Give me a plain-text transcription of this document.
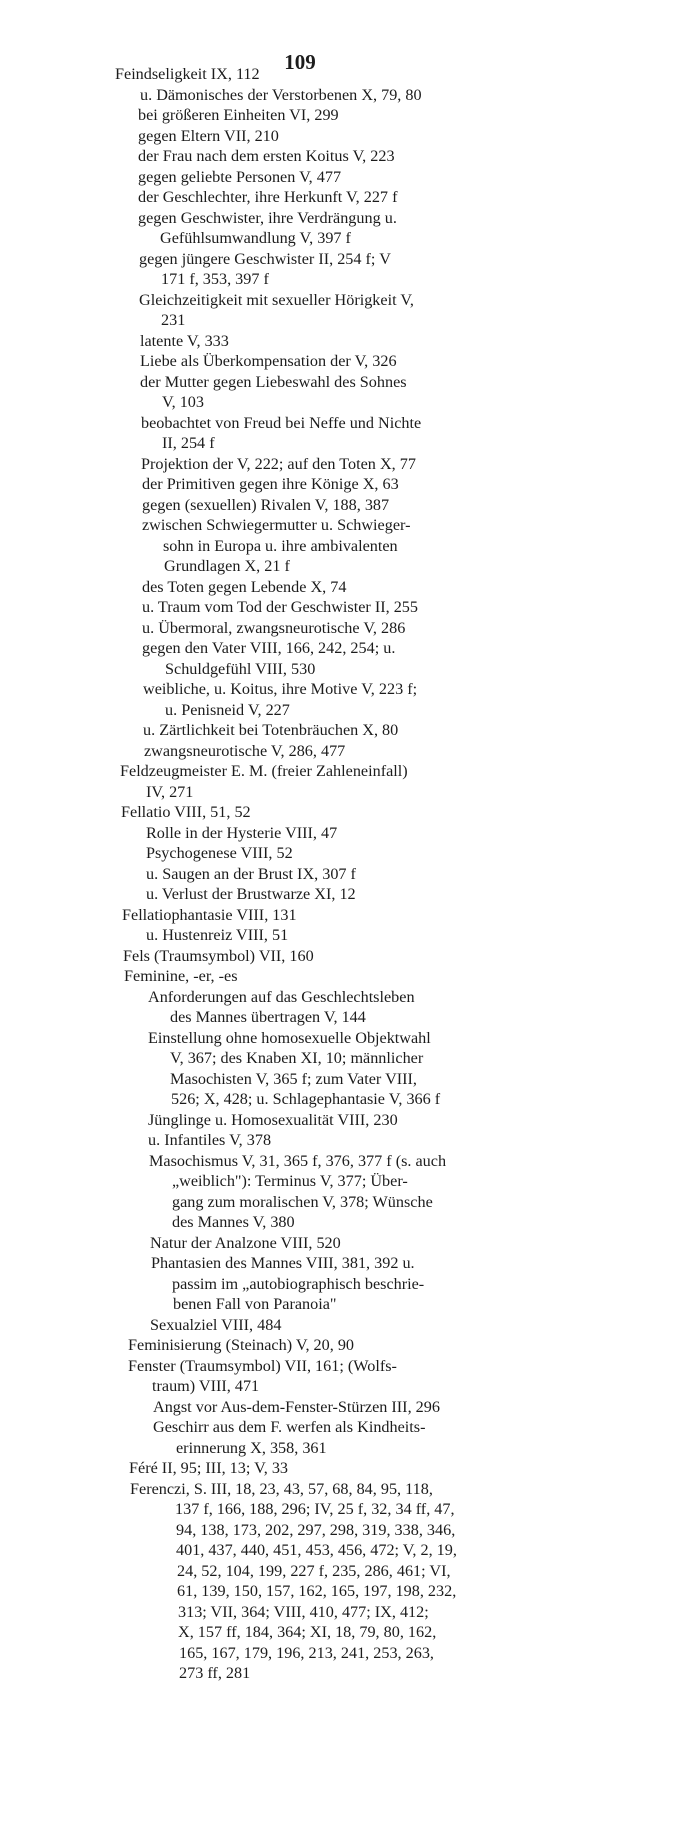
109
Feindseligkeit IX, 112
u. Dämonisches der Verstorbenen X, 79, 80
bei größeren Einheiten VI, 299
gegen Eltern VII, 210
der Frau nach dem ersten Koitus V, 223
gegen geliebte Personen V, 477
der Geschlechter, ihre Herkunft V, 227 f
gegen Geschwister, ihre Verdrängung u.
Gefühlsumwandlung V, 397 f
gegen jüngere Geschwister II, 254 f; V
171 f, 353, 397 f
Gleichzeitigkeit mit sexueller Hörigkeit V,
231
latente V, 333
Liebe als Überkompensation der V, 326
der Mutter gegen Liebeswahl des Sohnes
V, 103
beobachtet von Freud bei Neffe und Nichte
II, 254 f
Projektion der V, 222; auf den Toten X, 77
der Primitiven gegen ihre Könige X, 63
gegen (sexuellen) Rivalen V, 188, 387
zwischen Schwiegermutter u. Schwieger-
sohn in Europa u. ihre ambivalenten
Grundlagen X, 21 f
des Toten gegen Lebende X, 74
u. Traum vom Tod der Geschwister II, 255
u. Übermoral, zwangsneurotische V, 286
gegen den Vater VIII, 166, 242, 254; u.
Schuldgefühl VIII, 530
weibliche, u. Koitus, ihre Motive V, 223 f;
u. Penisneid V, 227
u. Zärtlichkeit bei Totenbräuchen X, 80
zwangsneurotische V, 286, 477
Feldzeugmeister E. M. (freier Zahleneinfall)
IV, 271
Fellatio VIII, 51, 52
Rolle in der Hysterie VIII, 47
Psychogenese VIII, 52
u. Saugen an der Brust IX, 307 f
u. Verlust der Brustwarze XI, 12
Fellatiophantasie VIII, 131
u. Hustenreiz VIII, 51
Fels (Traumsymbol) VII, 160
Feminine, -er, -es
Anforderungen auf das Geschlechtsleben
des Mannes übertragen V, 144
Einstellung ohne homosexuelle Objektwahl
V, 367; des Knaben XI, 10; männlicher
Masochisten V, 365 f; zum Vater VIII,
526; X, 428; u. Schlagephantasie V, 366 f
Jünglinge u. Homosexualität VIII, 230
u. Infantiles V, 378
Masochismus V, 31, 365 f, 376, 377 f (s. auch
„weiblich"): Terminus V, 377; Über-
gang zum moralischen V, 378; Wünsche
des Mannes V, 380
Natur der Analzone VIII, 520
Phantasien des Mannes VIII, 381, 392 u.
passim im „autobiographisch beschrie-
benen Fall von Paranoia"
Sexualziel VIII, 484
Feminisierung (Steinach) V, 20, 90
Fenster (Traumsymbol) VII, 161; (Wolfs-
traum) VIII, 471
Angst vor Aus-dem-Fenster-Stürzen III, 296
Geschirr aus dem F. werfen als Kindheits-
erinnerung X, 358, 361
Féré II, 95; III, 13; V, 33
Ferenczi, S. III, 18, 23, 43, 57, 68, 84, 95, 118,
137 f, 166, 188, 296; IV, 25 f, 32, 34 ff, 47,
94, 138, 173, 202, 297, 298, 319, 338, 346,
401, 437, 440, 451, 453, 456, 472; V, 2, 19,
24, 52, 104, 199, 227 f, 235, 286, 461; VI,
61, 139, 150, 157, 162, 165, 197, 198, 232,
313; VII, 364; VIII, 410, 477; IX, 412;
X, 157 ff, 184, 364; XI, 18, 79, 80, 162,
165, 167, 179, 196, 213, 241, 253, 263,
273 ff, 281
